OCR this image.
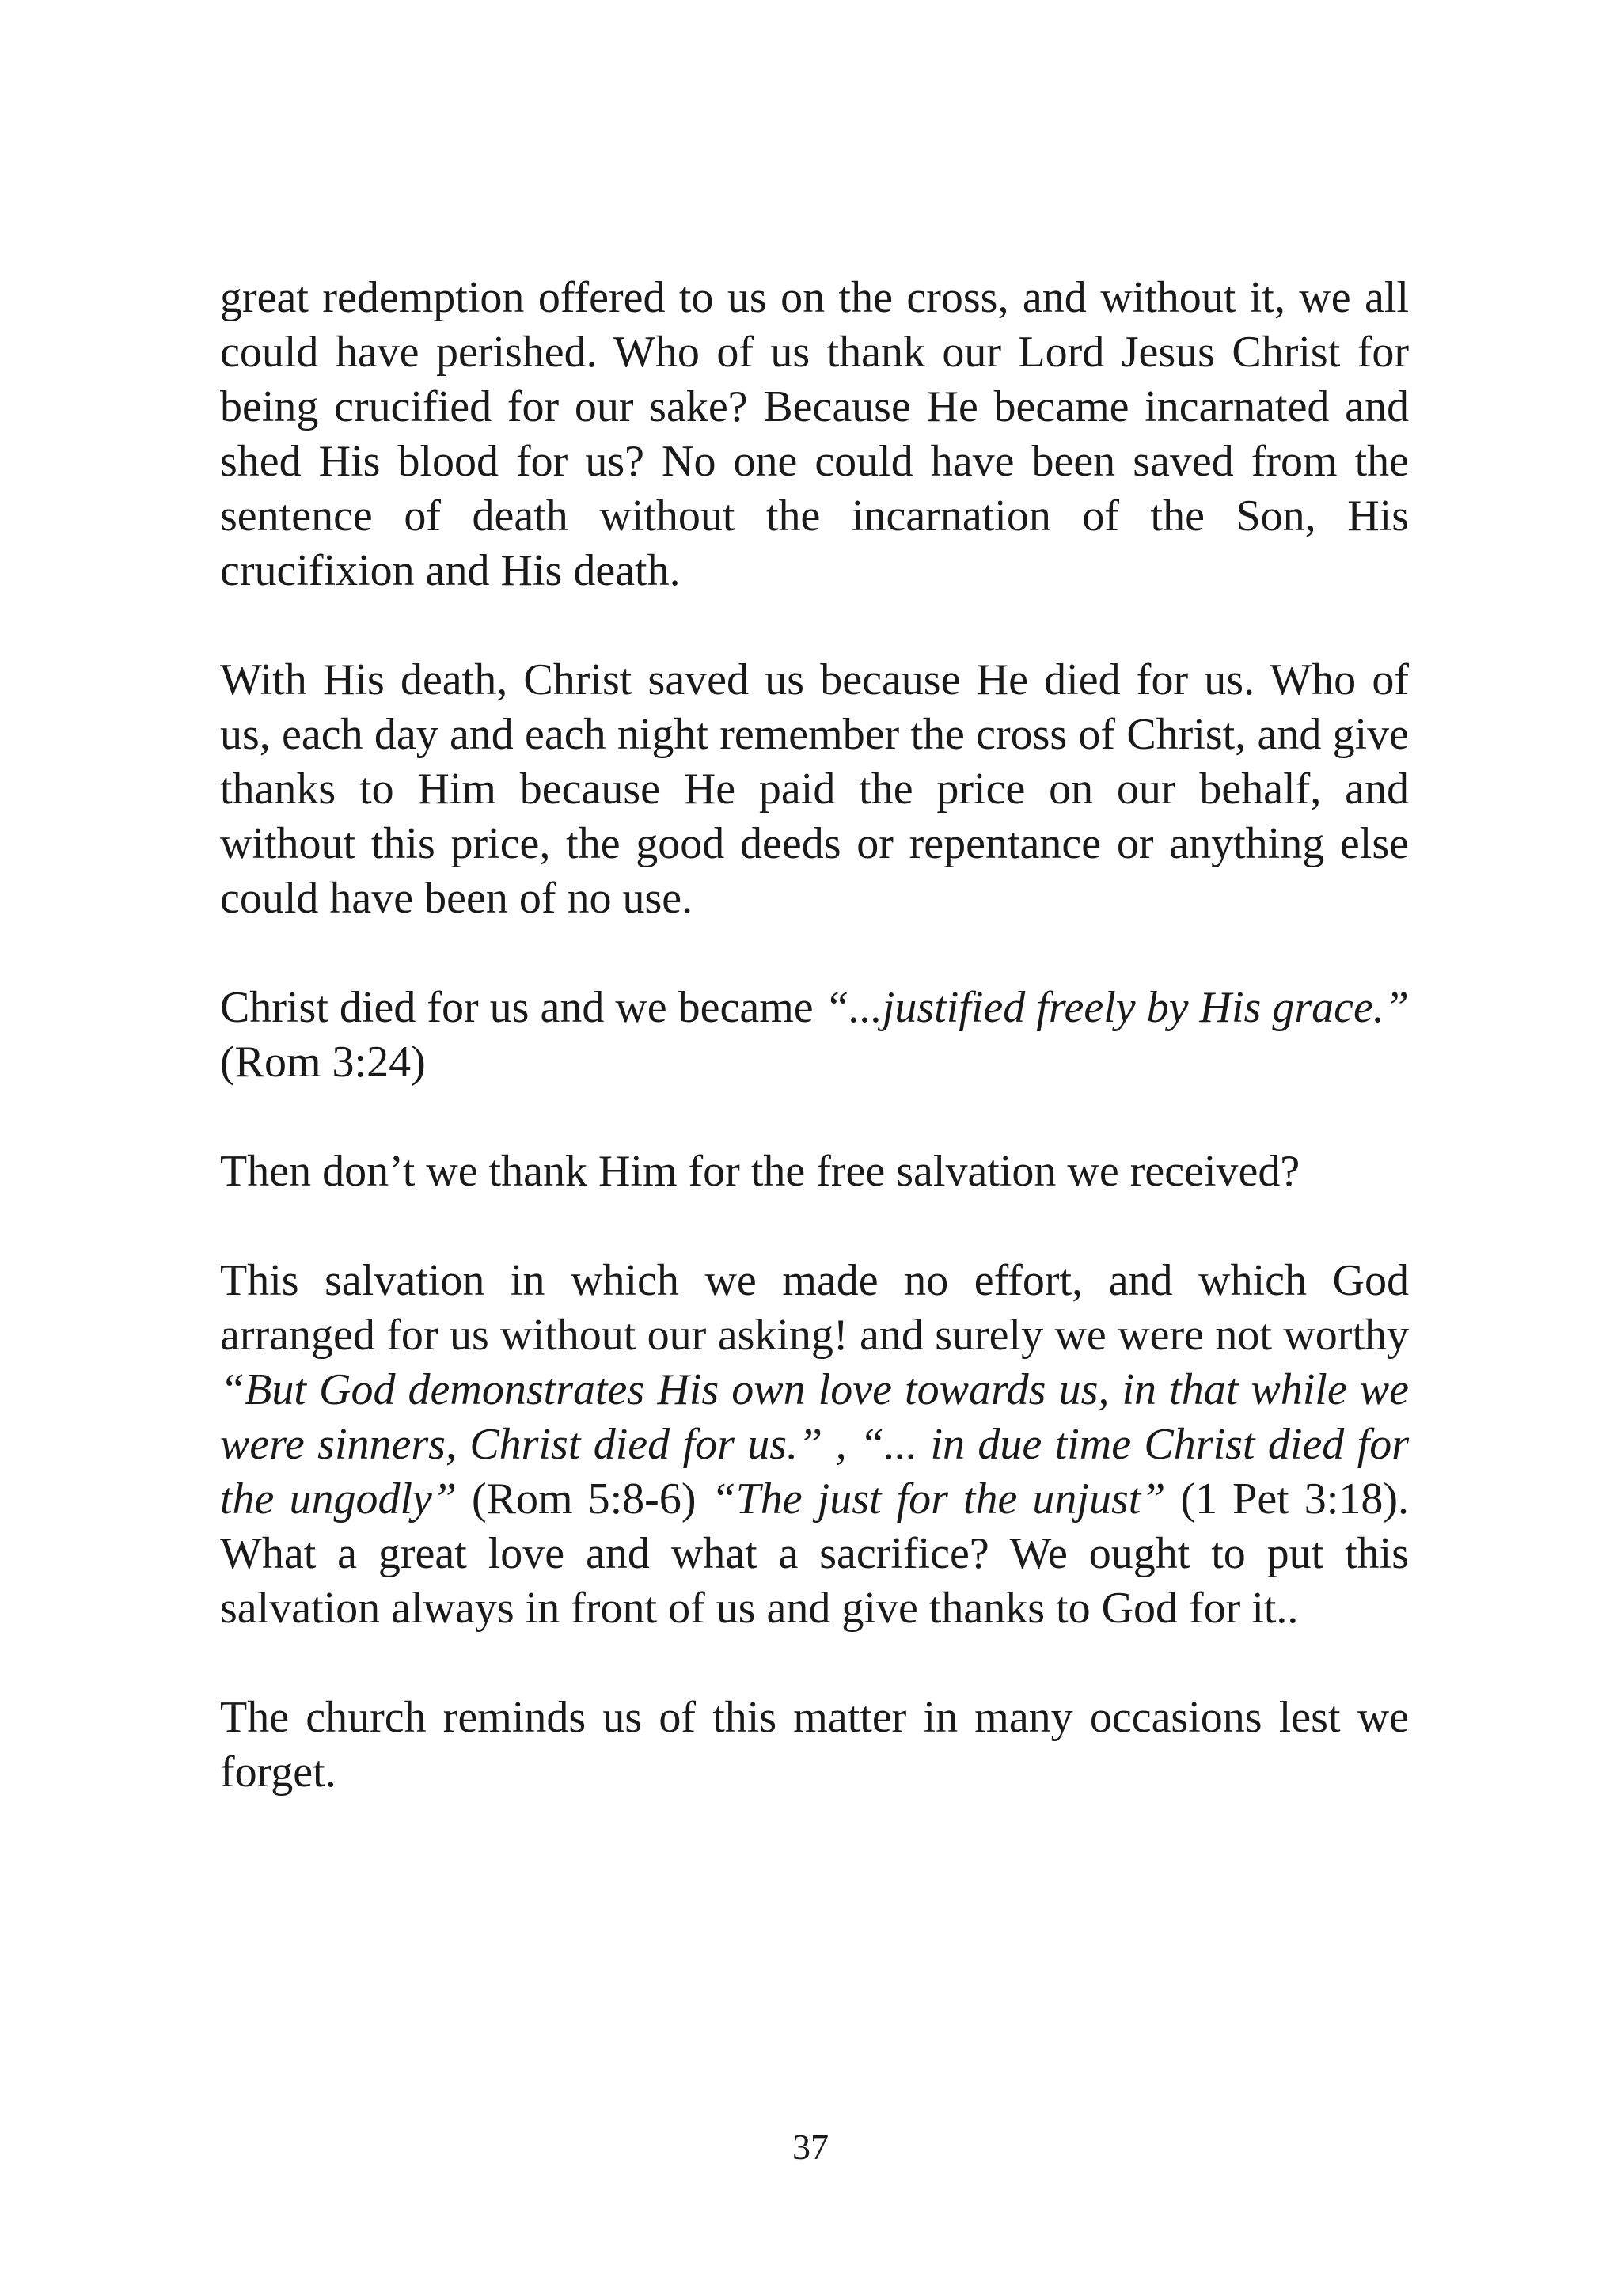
great redemption offered to us on the cross, and without it, we all could have perished. Who of us thank our Lord Jesus Christ for being crucified for our sake? Because He became incarnated and shed His blood for us? No one could have been saved from the sentence of death without the incarnation of the Son, His crucifixion and His death.

With His death, Christ saved us because He died for us. Who of us, each day and each night remember the cross of Christ, and give thanks to Him because He paid the price on our behalf, and without this price, the good deeds or repentance or anything else could have been of no use.

Christ died for us and we became “...justified freely by His grace.” (Rom 3:24)

Then don’t we thank Him for the free salvation we received?

This salvation in which we made no effort, and which God arranged for us without our asking! and surely we were not worthy “But God demonstrates His own love towards us, in that while we were sinners, Christ died for us.” , “... in due time Christ died for the ungodly” (Rom 5:8-6) “The just for the unjust” (1 Pet 3:18). What a great love and what a sacrifice? We ought to put this salvation always in front of us and give thanks to God for it..

The church reminds us of this matter in many occasions lest we forget.

37
